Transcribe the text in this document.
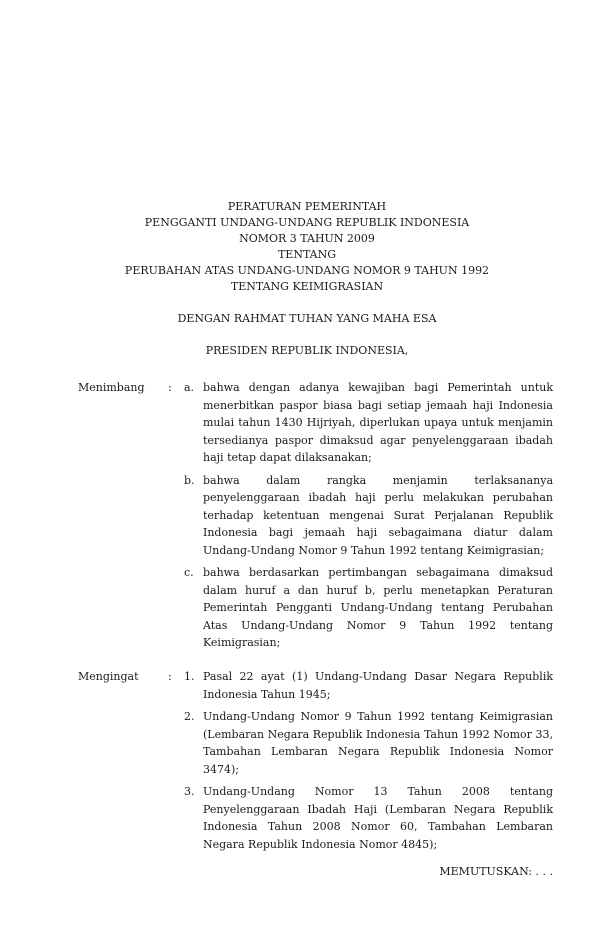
PERATURAN PEMERINTAH
PENGGANTI UNDANG-UNDANG REPUBLIK INDONESIA
NOMOR 3 TAHUN 2009
TENTANG
PERUBAHAN ATAS UNDANG-UNDANG NOMOR 9 TAHUN 1992
TENTANG KEIMIGRASIAN
DENGAN RAHMAT TUHAN YANG MAHA ESA
PRESIDEN REPUBLIK INDONESIA,
Menimbang	:	a. bahwa dengan adanya kewajiban bagi Pemerintah untuk menerbitkan paspor biasa bagi setiap jemaah haji Indonesia mulai tahun 1430 Hijriyah, diperlukan upaya untuk menjamin tersedianya paspor dimaksud agar penyelenggaraan ibadah haji tetap dapat dilaksanakan;
b. bahwa dalam rangka menjamin terlaksananya penyelenggaraan ibadah haji perlu melakukan perubahan terhadap ketentuan mengenai Surat Perjalanan Republik Indonesia bagi jemaah haji sebagaimana diatur dalam Undang-Undang Nomor 9 Tahun 1992 tentang Keimigrasian;
c. bahwa berdasarkan pertimbangan sebagaimana dimaksud dalam huruf a dan huruf b, perlu menetapkan Peraturan Pemerintah Pengganti Undang-Undang tentang Perubahan Atas Undang-Undang Nomor 9 Tahun 1992 tentang Keimigrasian;
Mengingat	:	1. Pasal 22 ayat (1) Undang-Undang Dasar Negara Republik Indonesia Tahun 1945;
2. Undang-Undang Nomor 9 Tahun 1992 tentang Keimigrasian (Lembaran Negara Republik Indonesia Tahun 1992 Nomor 33, Tambahan Lembaran Negara Republik Indonesia Nomor 3474);
3. Undang-Undang Nomor 13 Tahun 2008 tentang Penyelenggaraan Ibadah Haji (Lembaran Negara Republik Indonesia Tahun 2008 Nomor 60, Tambahan Lembaran Negara Republik Indonesia Nomor 4845);
MEMUTUSKAN: . . .
